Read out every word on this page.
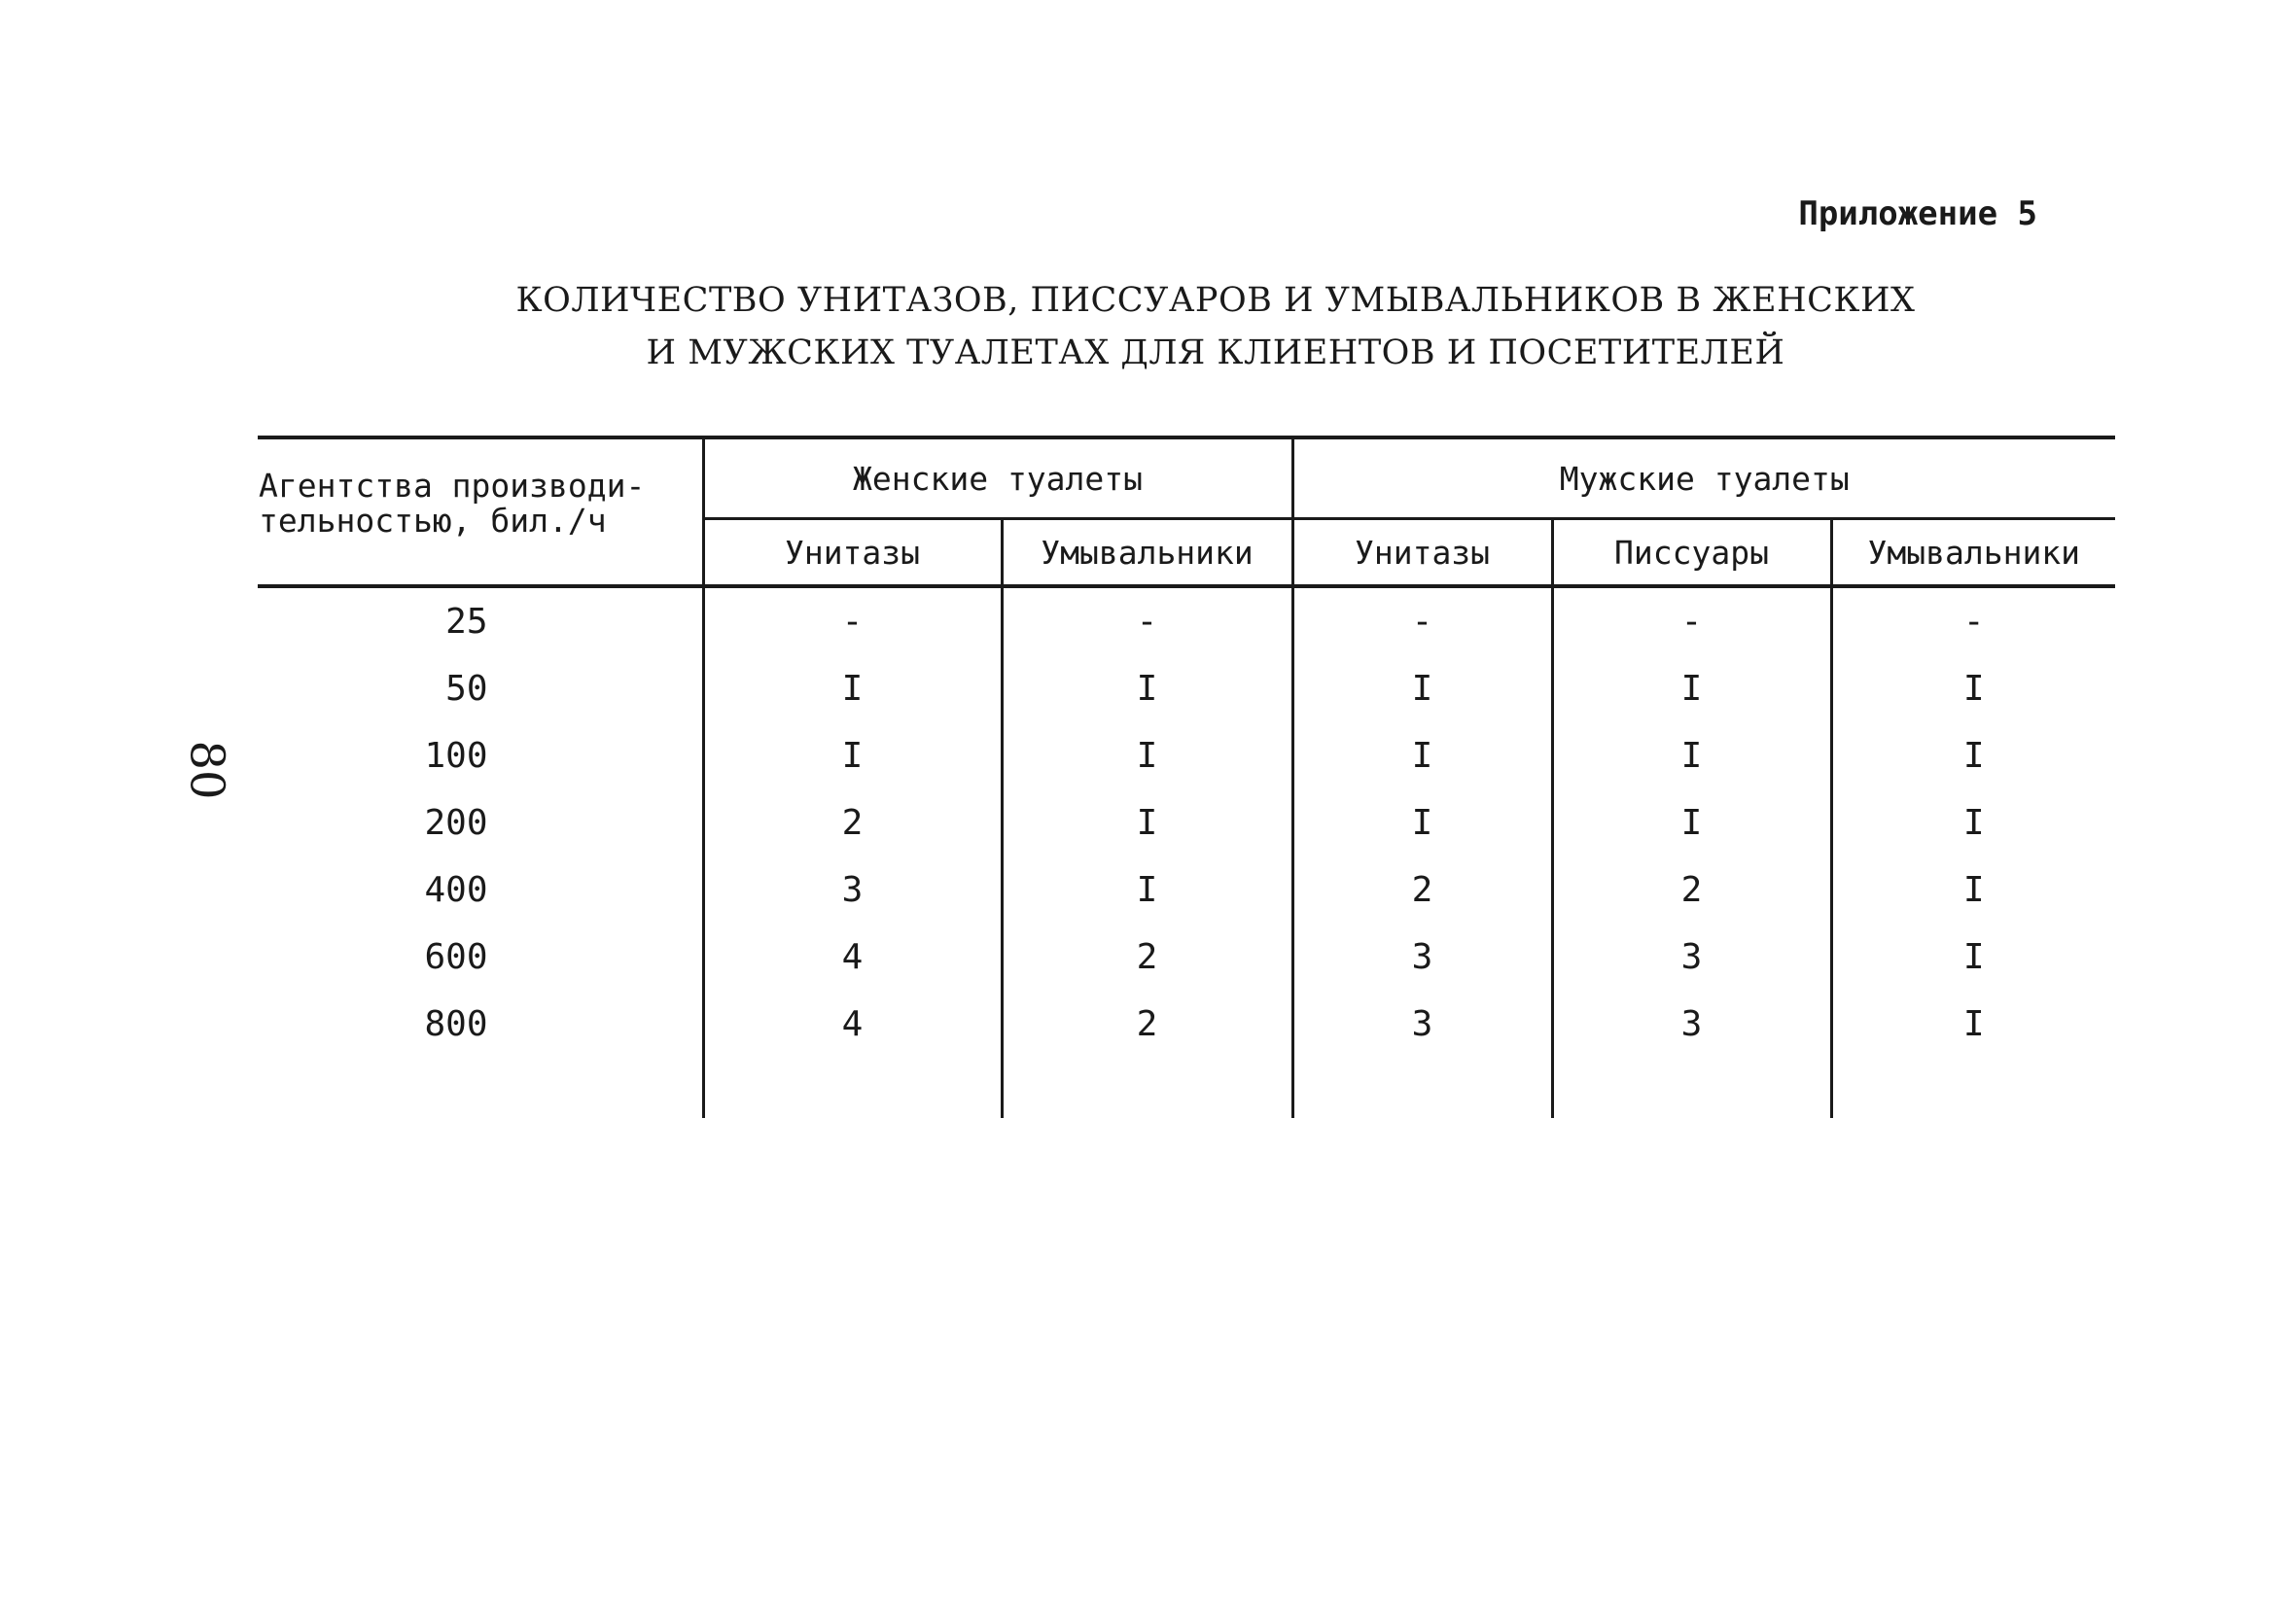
Приложение 5
КОЛИЧЕСТВО УНИТАЗОВ, ПИССУАРОВ И УМЫВАЛЬНИКОВ В ЖЕНСКИХ
И МУЖСКИХ ТУАЛЕТАХ ДЛЯ КЛИЕНТОВ И ПОСЕТИТЕЛЕЙ
80
Агентства производи-
тельностью, бил./ч	Женские туалеты		Мужские туалеты		
	Унитазы	Умывальники	Унитазы	Писсуары	Умывальники
25	-	-	-	-	-
50	I	I	I	I	I
100	I	I	I	I	I
200	2	I	I	I	I
400	3	I	2	2	I
600	4	2	3	3	I
800	4	2	3	3	I
